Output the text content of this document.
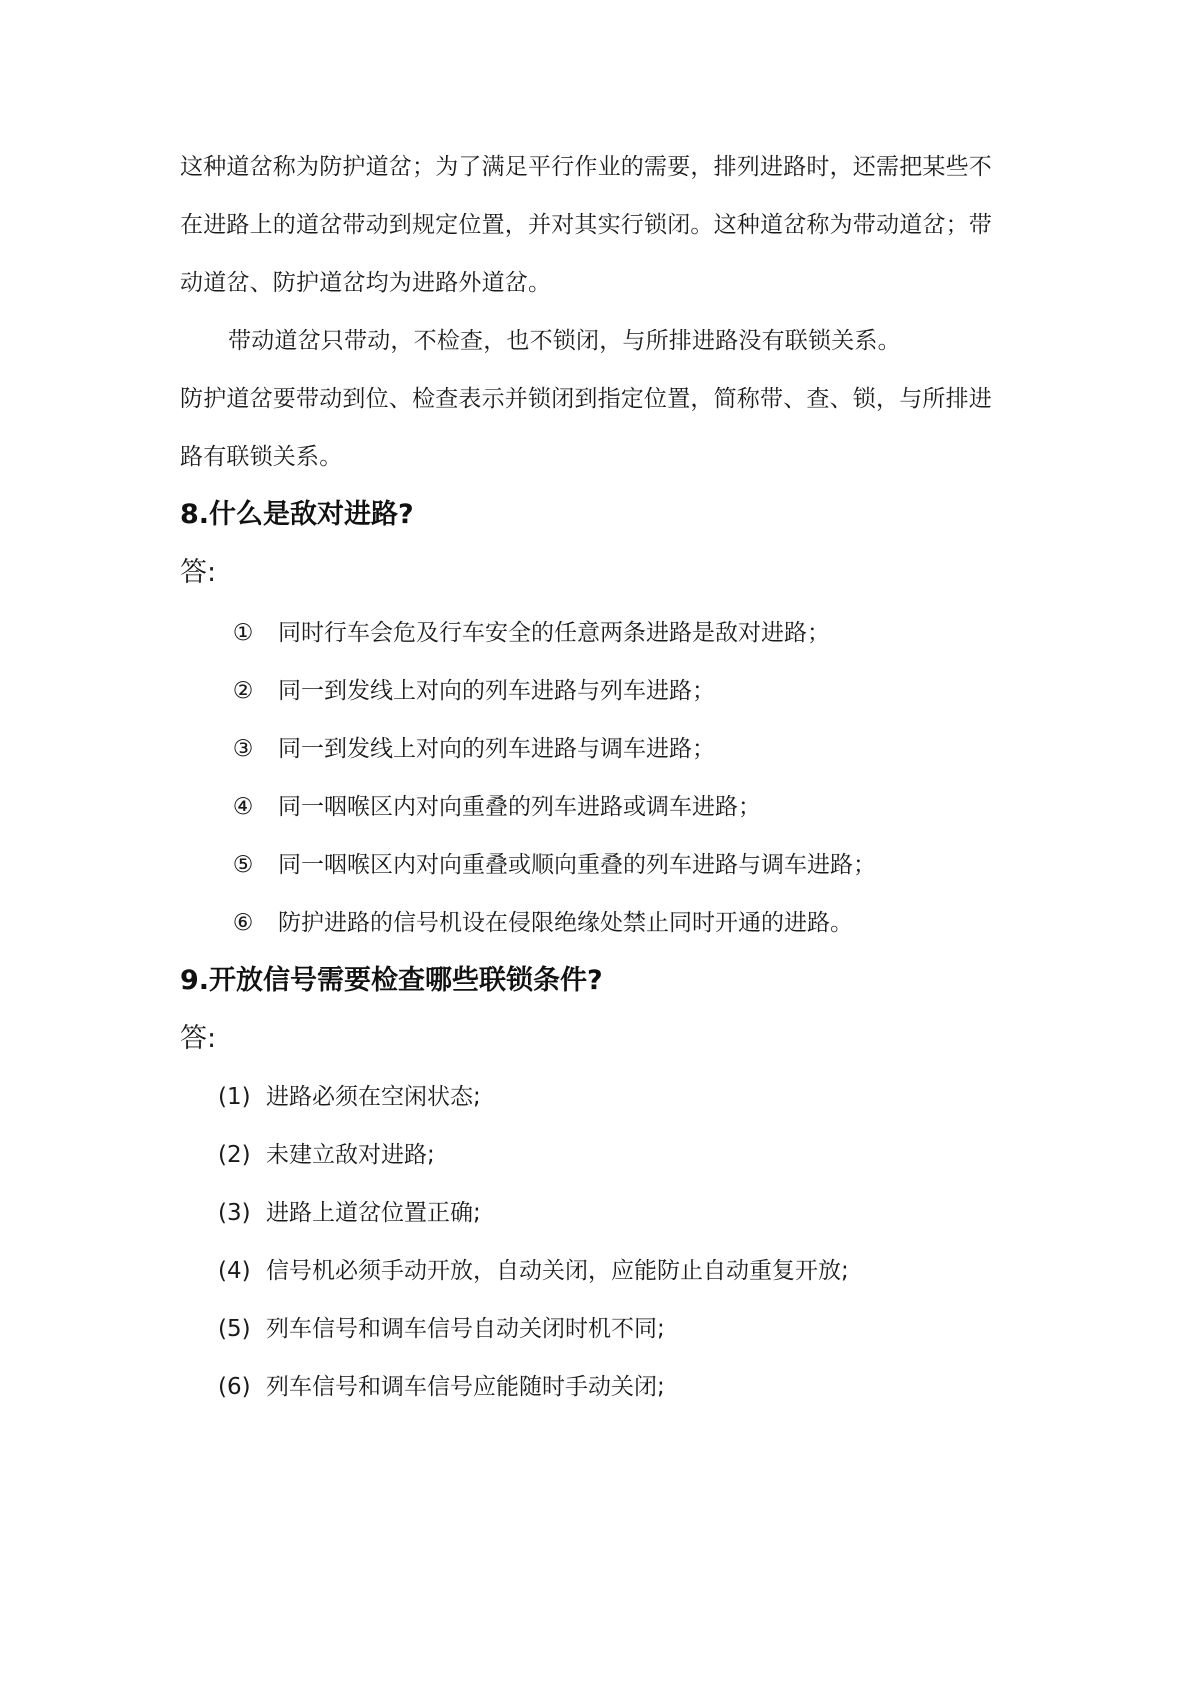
这种道岔称为防护道岔；为了满足平行作业的需要，排列进路时，还需把某些不
在进路上的道岔带动到规定位置，并对其实行锁闭。这种道岔称为带动道岔；带
动道岔、防护道岔均为进路外道岔。
带动道岔只带动，不检查，也不锁闭，与所排进路没有联锁关系。
防护道岔要带动到位、检查表示并锁闭到指定位置，简称带、查、锁，与所排进
路有联锁关系。
8.什么是敌对进路?
答:
① 同时行车会危及行车安全的任意两条进路是敌对进路；
② 同一到发线上对向的列车进路与列车进路；
③ 同一到发线上对向的列车进路与调车进路；
④ 同一咽喉区内对向重叠的列车进路或调车进路；
⑤ 同一咽喉区内对向重叠或顺向重叠的列车进路与调车进路；
⑥ 防护进路的信号机设在侵限绝缘处禁止同时开通的进路。
9.开放信号需要检查哪些联锁条件?
答:
(1) 进路必须在空闲状态;
(2) 未建立敌对进路;
(3) 进路上道岔位置正确;
(4) 信号机必须手动开放，自动关闭，应能防止自动重复开放;
(5) 列车信号和调车信号自动关闭时机不同;
(6) 列车信号和调车信号应能随时手动关闭;
